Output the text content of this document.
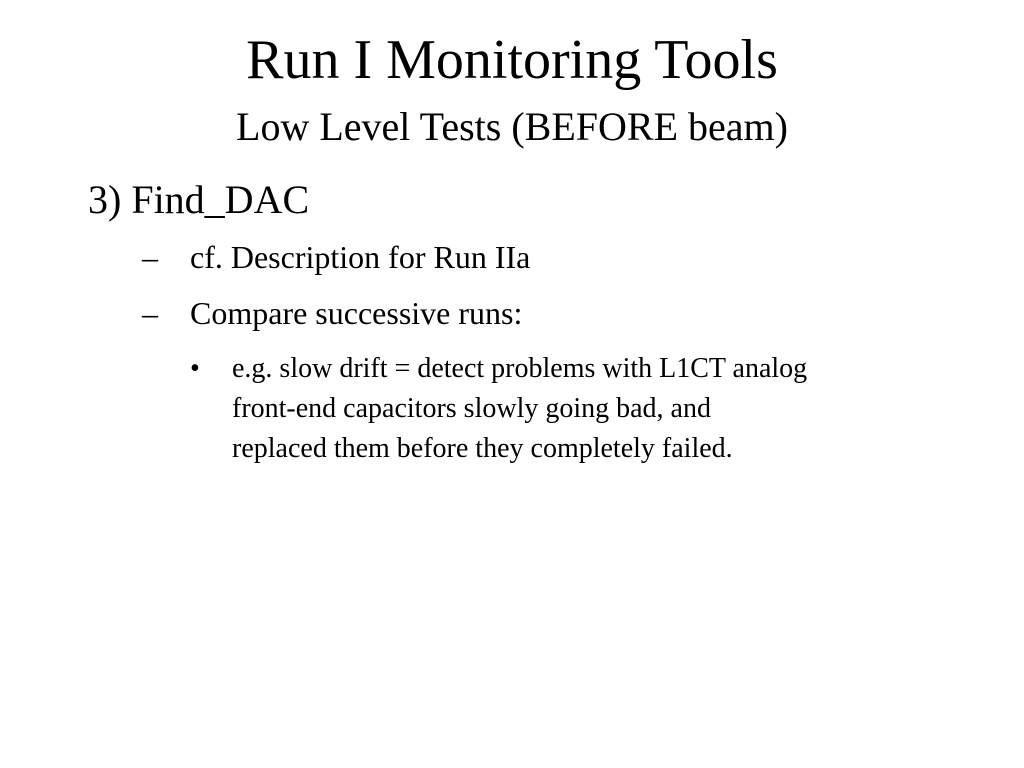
Run I Monitoring Tools
Low Level Tests (BEFORE beam)
3) Find_DAC
– cf. Description for Run IIa
– Compare successive runs:
• e.g. slow drift = detect problems with L1CT analog
front-end capacitors slowly going bad, and
replaced them before they completely failed.
